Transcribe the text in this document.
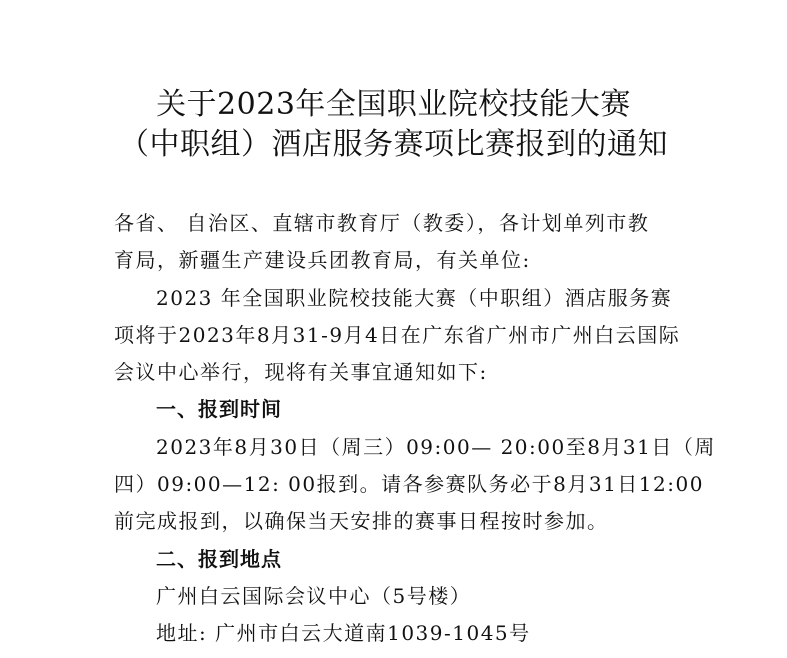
关于2023年全国职业院校技能大赛
（中职组）酒店服务赛项比赛报到的通知
各省、 自治区、直辖市教育厅（教委），各计划单列市教
育局，新疆生产建设兵团教育局，有关单位:
2023 年全国职业院校技能大赛（中职组）酒店服务赛
项将于2023年8月31-9月4日在广东省广州市广州白云国际
会议中心举行，现将有关事宜通知如下:
一、报到时间
2023年8月30日（周三）09:00— 20:00至8月31日（周
四）09:00—12: 00报到。请各参赛队务必于8月31日12:00
前完成报到，以确保当天安排的赛事日程按时参加。
二、报到地点
广州白云国际会议中心（5号楼）
地址: 广州市白云大道南1039-1045号
